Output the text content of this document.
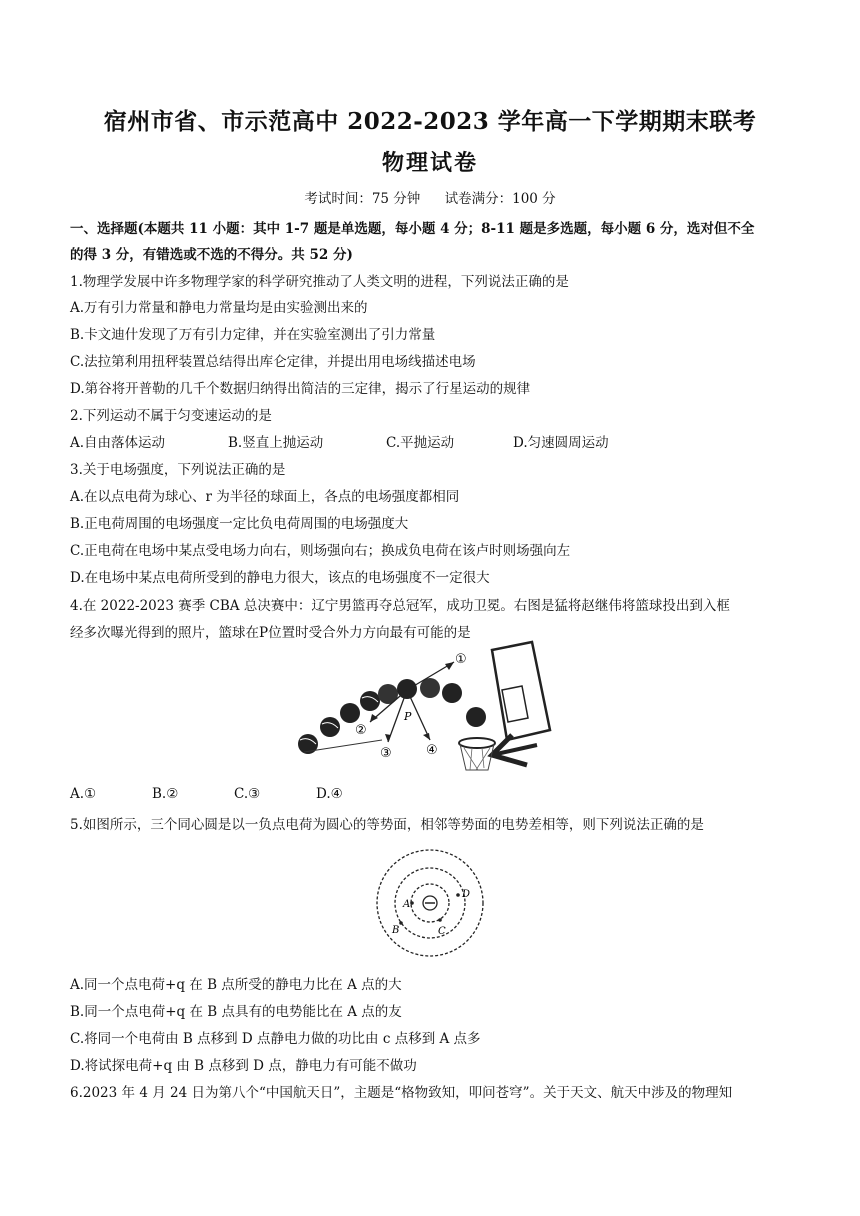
宿州市省、市示范高中 2022-2023 学年高一下学期期末联考
物理试卷
考试时间：75 分钟 试卷满分：100 分
一、选择题(本题共 11 小题：其中 1-7 题是单选题，每小题 4 分；8-11 题是多选题，每小题 6 分，选对但不全
的得 3 分，有错选或不选的不得分。共 52 分)
1.物理学发展中许多物理学家的科学研究推动了人类文明的进程，下列说法正确的是
A.万有引力常量和静电力常量均是由实验测出来的
B.卡文迪什发现了万有引力定律，并在实验室测出了引力常量
C.法拉第利用扭秤装置总结得出库仑定律，并提出用电场线描述电场
D.第谷将开普勒的几千个数据归纳得出简洁的三定律，揭示了行星运动的规律
2.下列运动不属于匀变速运动的是
A.自由落体运动	B.竖直上抛运动	C.平抛运动	D.匀速圆周运动
3.关于电场强度，下列说法正确的是
A.在以点电荷为球心、r 为半径的球面上，各点的电场强度都相同
B.正电荷周围的电场强度一定比负电荷周围的电场强度大
C.正电荷在电场中某点受电场力向右，则场强向右；换成负电荷在该卢时则场强向左
D.在电场中某点电荷所受到的静电力很大，该点的电场强度不一定很大
4.在 2022-2023 赛季 CBA 总决赛中：辽宁男篮再夺总冠军，成功卫冕。右图是猛将赵继伟将篮球投出到入框
经多次曝光得到的照片，篮球在P位置时受合外力方向最有可能的是
P
①
②
③	④
A.①	B.②	C.③	D.④
5.如图所示，三个同心圆是以一负点电荷为圆心的等势面，相邻等势面的电势差相等，则下列说法正确的是
A
B	C
D
A.同一个点电荷+q 在 B 点所受的静电力比在 A 点的大
B.同一个点电荷+q 在 B 点具有的电势能比在 A 点的友
C.将同一个电荷由 B 点移到 D 点静电力做的功比由 c 点移到 A 点多
D.将试探电荷+q 由 B 点移到 D 点，静电力有可能不做功
6.2023 年 4 月 24 日为第八个“中国航天日”，主题是“格物致知，叩问苍穹”。关于天文、航天中涉及的物理知
